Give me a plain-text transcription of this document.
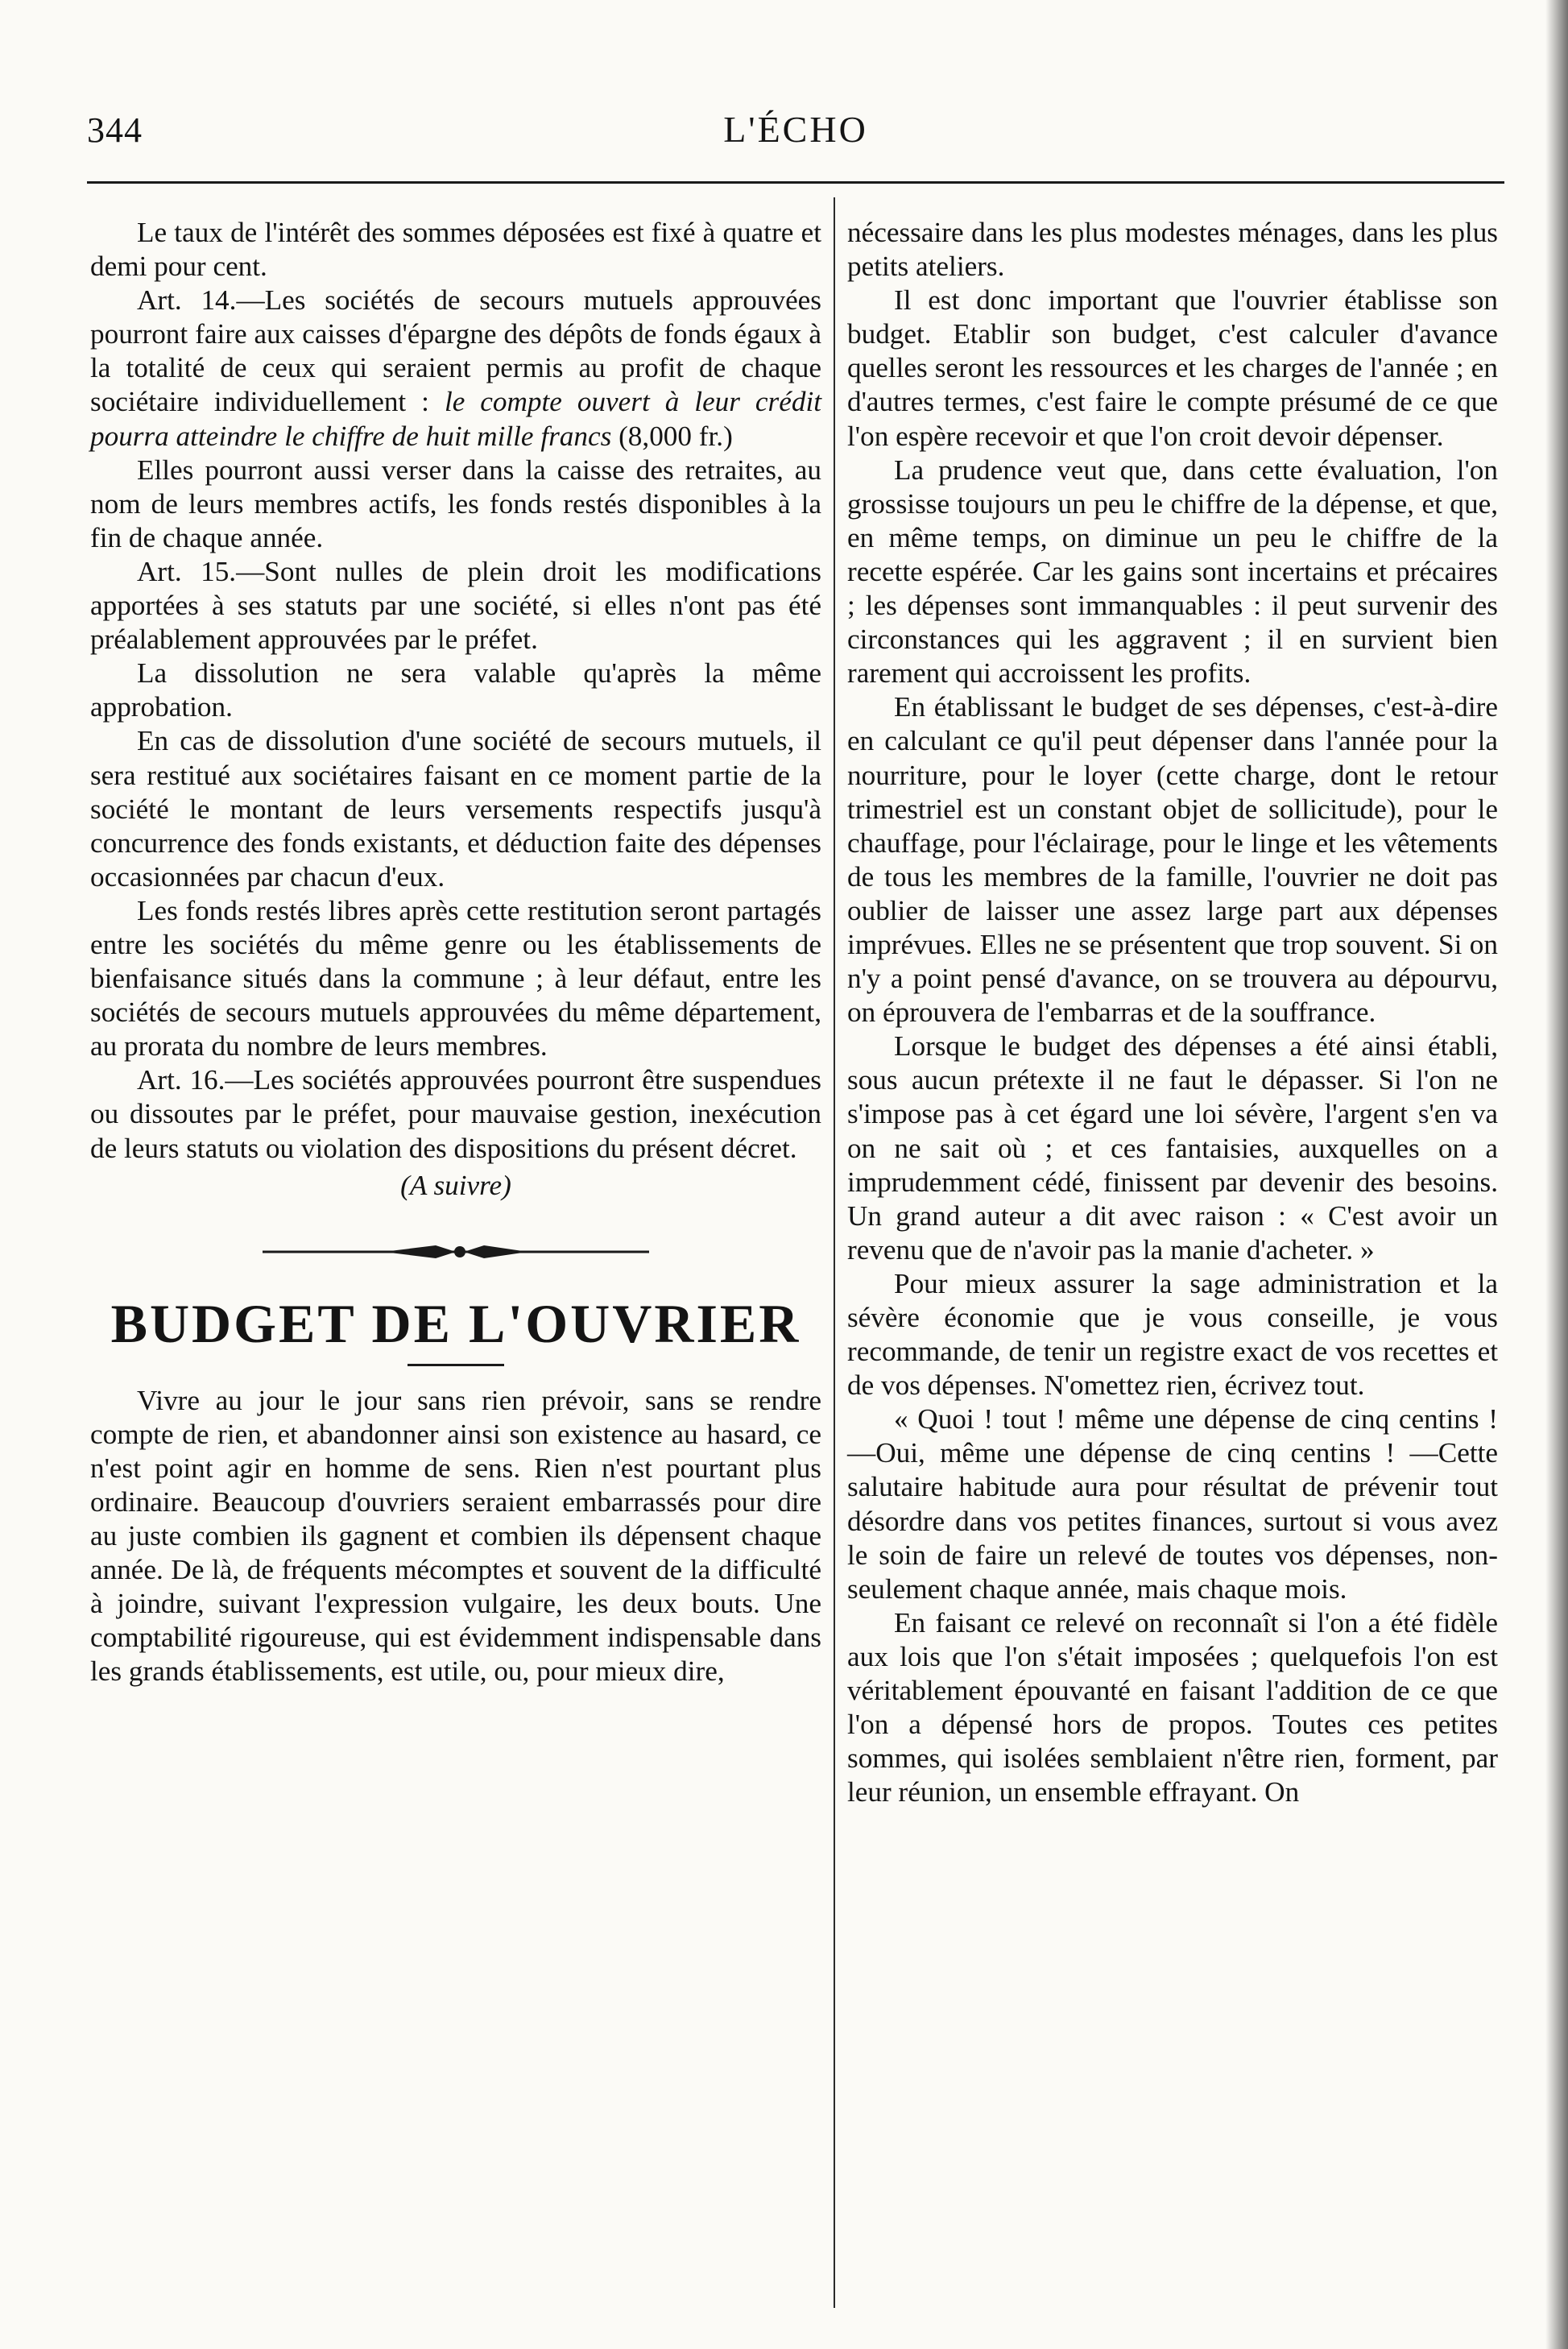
344	L'ÉCHO

Le taux de l'intérêt des sommes déposées est fixé à quatre et demi pour cent.

Art. 14.—Les sociétés de secours mutuels approuvées pourront faire aux caisses d'épargne des dépôts de fonds égaux à la totalité de ceux qui seraient permis au profit de chaque sociétaire individuellement : le compte ouvert à leur crédit pourra atteindre le chiffre de huit mille francs (8,000 fr.)

Elles pourront aussi verser dans la caisse des retraites, au nom de leurs membres actifs, les fonds restés disponibles à la fin de chaque année.

Art. 15.—Sont nulles de plein droit les modifications apportées à ses statuts par une société, si elles n'ont pas été préalablement approuvées par le préfet.

La dissolution ne sera valable qu'après la même approbation.

En cas de dissolution d'une société de secours mutuels, il sera restitué aux sociétaires faisant en ce moment partie de la société le montant de leurs versements respectifs jusqu'à concurrence des fonds existants, et déduction faite des dépenses occasionnées par chacun d'eux.

Les fonds restés libres après cette restitution seront partagés entre les sociétés du même genre ou les établissements de bienfaisance situés dans la commune ; à leur défaut, entre les sociétés de secours mutuels approuvées du même département, au prorata du nombre de leurs membres.

Art. 16.—Les sociétés approuvées pourront être suspendues ou dissoutes par le préfet, pour mauvaise gestion, inexécution de leurs statuts ou violation des dispositions du présent décret.

(A suivre)

BUDGET DE L'OUVRIER

Vivre au jour le jour sans rien prévoir, sans se rendre compte de rien, et abandonner ainsi son existence au hasard, ce n'est point agir en homme de sens. Rien n'est pourtant plus ordinaire. Beaucoup d'ouvriers seraient embarrassés pour dire au juste combien ils gagnent et combien ils dépensent chaque année. De là, de fréquents mécomptes et souvent de la difficulté à joindre, suivant l'expression vulgaire, les deux bouts. Une comptabilité rigoureuse, qui est évidemment indispensable dans les grands établissements, est utile, ou, pour mieux dire,

nécessaire dans les plus modestes ménages, dans les plus petits ateliers.

Il est donc important que l'ouvrier établisse son budget. Etablir son budget, c'est calculer d'avance quelles seront les ressources et les charges de l'année ; en d'autres termes, c'est faire le compte présumé de ce que l'on espère recevoir et que l'on croit devoir dépenser.

La prudence veut que, dans cette évaluation, l'on grossisse toujours un peu le chiffre de la dépense, et que, en même temps, on diminue un peu le chiffre de la recette espérée. Car les gains sont incertains et précaires ; les dépenses sont immanquables : il peut survenir des circonstances qui les aggravent ; il en survient bien rarement qui accroissent les profits.

En établissant le budget de ses dépenses, c'est-à-dire en calculant ce qu'il peut dépenser dans l'année pour la nourriture, pour le loyer (cette charge, dont le retour trimestriel est un constant objet de sollicitude), pour le chauffage, pour l'éclairage, pour le linge et les vêtements de tous les membres de la famille, l'ouvrier ne doit pas oublier de laisser une assez large part aux dépenses imprévues. Elles ne se présentent que trop souvent. Si on n'y a point pensé d'avance, on se trouvera au dépourvu, on éprouvera de l'embarras et de la souffrance.

Lorsque le budget des dépenses a été ainsi établi, sous aucun prétexte il ne faut le dépasser. Si l'on ne s'impose pas à cet égard une loi sévère, l'argent s'en va on ne sait où ; et ces fantaisies, auxquelles on a imprudemment cédé, finissent par devenir des besoins. Un grand auteur a dit avec raison : « C'est avoir un revenu que de n'avoir pas la manie d'acheter. »

Pour mieux assurer la sage administration et la sévère économie que je vous conseille, je vous recommande, de tenir un registre exact de vos recettes et de vos dépenses. N'omettez rien, écrivez tout.

« Quoi ! tout ! même une dépense de cinq centins ! —Oui, même une dépense de cinq centins ! —Cette salutaire habitude aura pour résultat de prévenir tout désordre dans vos petites finances, surtout si vous avez le soin de faire un relevé de toutes vos dépenses, non-seulement chaque année, mais chaque mois.

En faisant ce relevé on reconnaît si l'on a été fidèle aux lois que l'on s'était imposées ; quelquefois l'on est véritablement épouvanté en faisant l'addition de ce que l'on a dépensé hors de propos. Toutes ces petites sommes, qui isolées semblaient n'être rien, forment, par leur réunion, un ensemble effrayant. On
